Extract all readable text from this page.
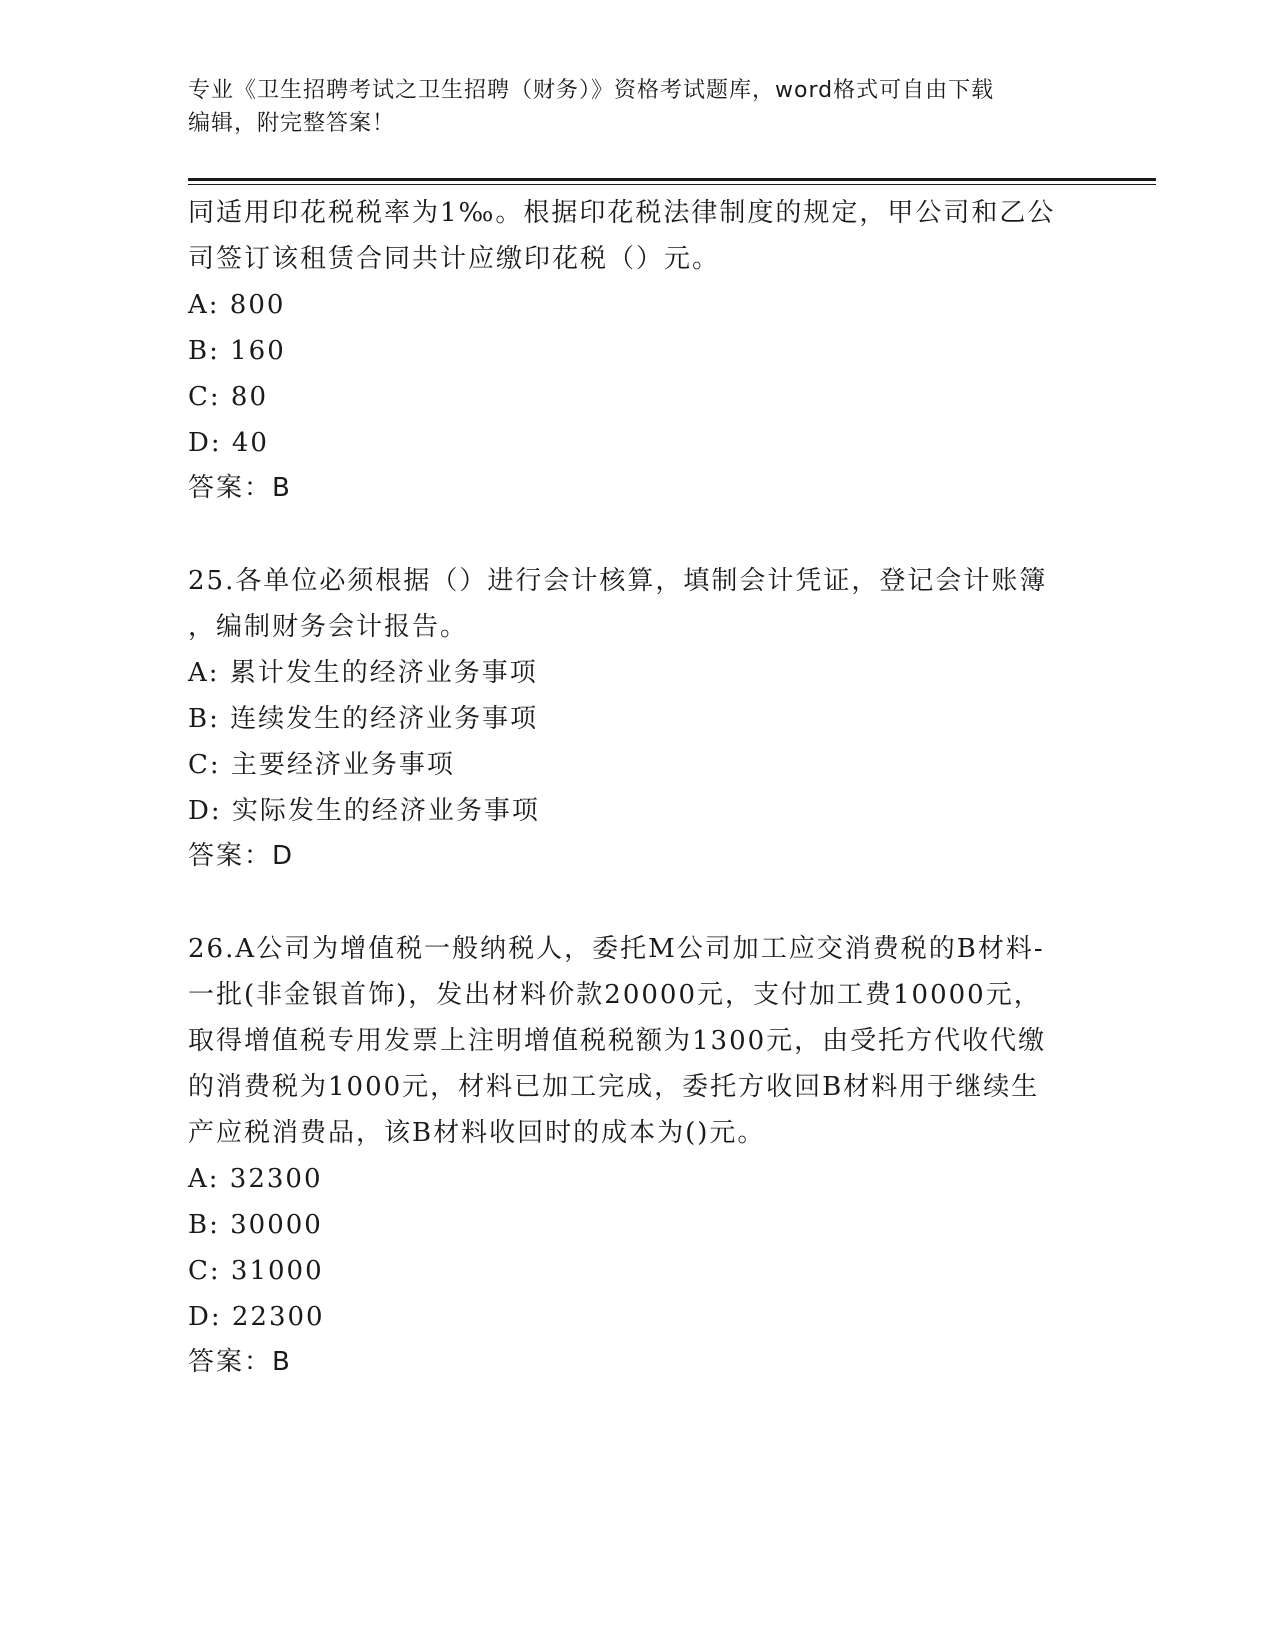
专业《卫生招聘考试之卫生招聘（财务）》资格考试题库，word格式可自由下载
编辑，附完整答案！
同适用印花税税率为1‰。根据印花税法律制度的规定，甲公司和乙公
司签订该租赁合同共计应缴印花税（）元。
A: 800
B: 160
C: 80
D: 40
答案：B
25.各单位必须根据（）进行会计核算，填制会计凭证，登记会计账簿
，编制财务会计报告。
A: 累计发生的经济业务事项
B: 连续发生的经济业务事项
C: 主要经济业务事项
D: 实际发生的经济业务事项
答案：D
26.A公司为增值税一般纳税人，委托M公司加工应交消费税的B材料-
一批(非金银首饰)，发出材料价款20000元，支付加工费10000元，
取得增值税专用发票上注明增值税税额为1300元，由受托方代收代缴
的消费税为1000元，材料已加工完成，委托方收回B材料用于继续生
产应税消费品，该B材料收回时的成本为()元。
A: 32300
B: 30000
C: 31000
D: 22300
答案：B
